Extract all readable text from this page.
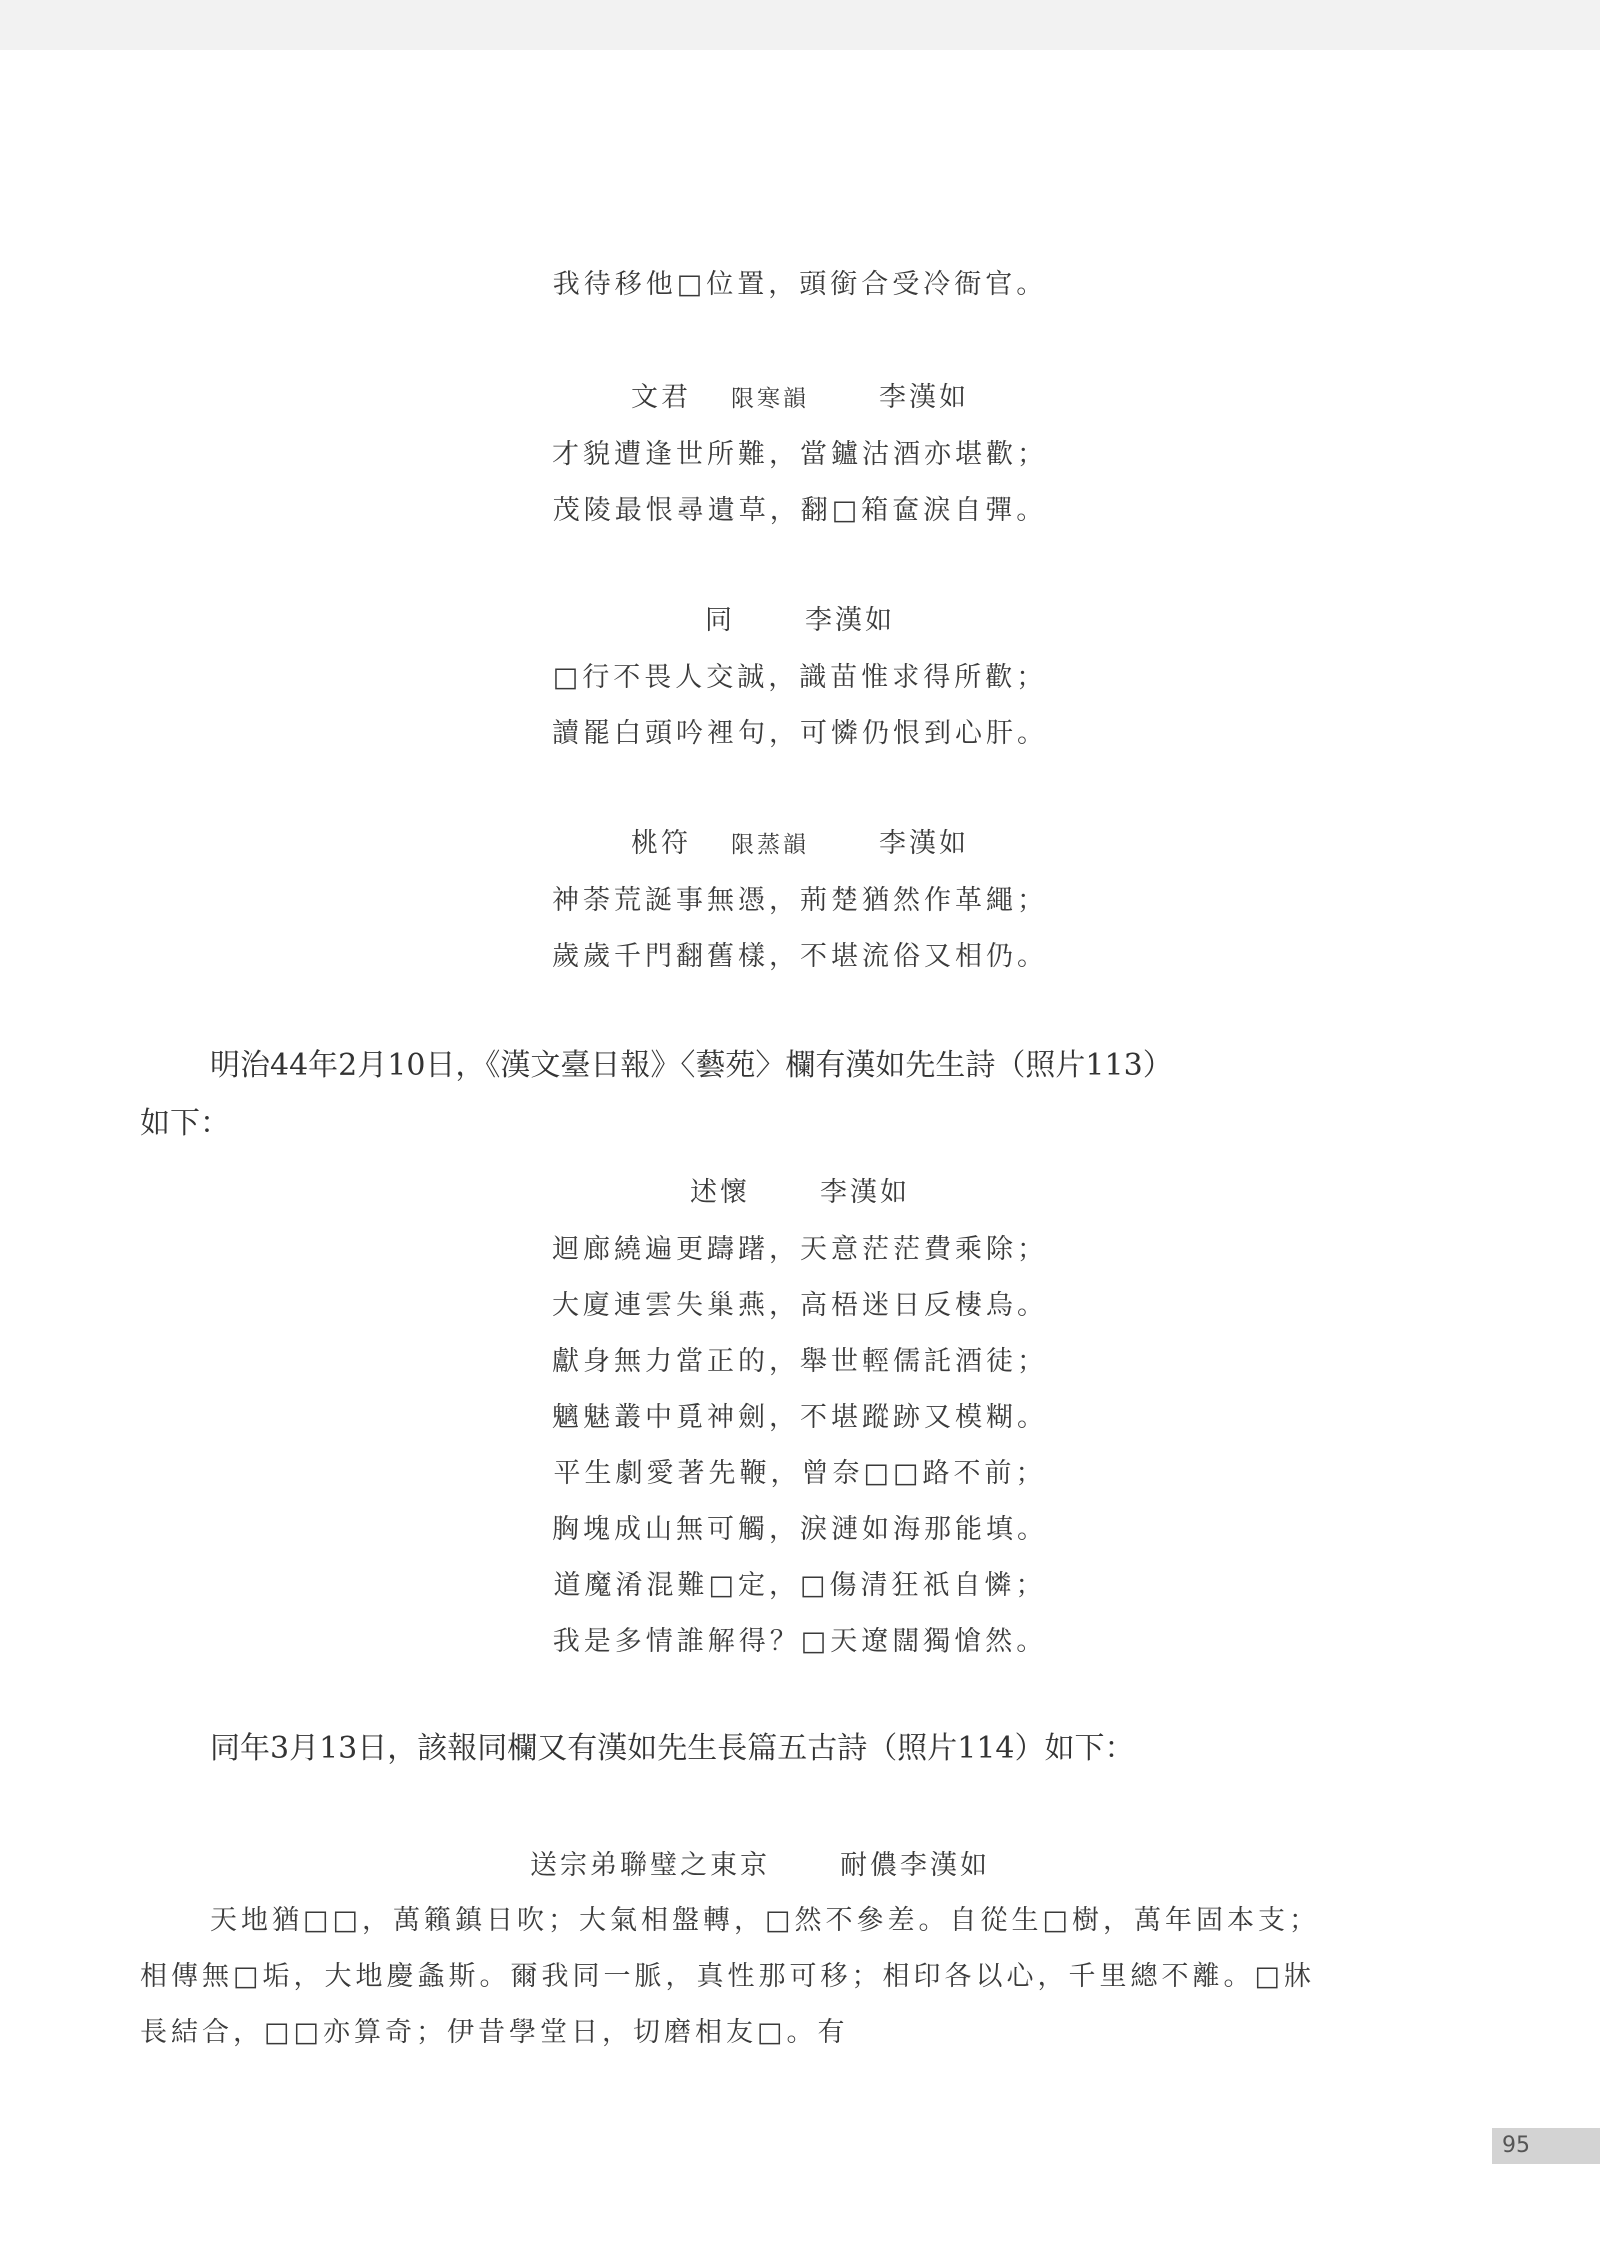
我待移他□位置，頭銜合受冷衙官。
文君 限寒韻	李漢如
才貌遭逢世所難，當鑪沽酒亦堪歡；
茂陵最恨尋遺草，翻□箱奩淚自彈。
同	李漢如
□行不畏人交誠，識苗惟求得所歡；
讀罷白頭吟裡句，可憐仍恨到心肝。
桃符 限蒸韻	李漢如
神荼荒誕事無憑，荊楚猶然作革繩；
歲歲千門翻舊樣，不堪流俗又相仍。
明治44年2月10日，《漢文臺日報》〈藝苑〉欄有漢如先生詩（照片113）
如下：
述懷	李漢如
迴廊繞遍更躊躇，天意茫茫費乘除；
大廈連雲失巢燕，高梧迷日反棲烏。
獻身無力當正的，舉世輕儒託酒徒；
魑魅叢中覓神劍，不堪蹤跡又模糊。
平生劇愛著先鞭，曾奈□□路不前；
胸塊成山無可觸，淚漣如海那能填。
道魔淆混難□定，□傷清狂祇自憐；
我是多情誰解得？□天遼闊獨愴然。
同年3月13日，該報同欄又有漢如先生長篇五古詩（照片114）如下：
送宗弟聯璧之東京	耐儂李漢如
天地猶□□，萬籟鎮日吹；大氣相盤轉，□然不參差。自從生□樹，萬年固本支；相傳無□垢，大地慶螽斯。爾我同一脈，真性那可移；相印各以心，千里總不離。□牀長結合，□□亦算奇；伊昔學堂日，切磨相友□。有
95
